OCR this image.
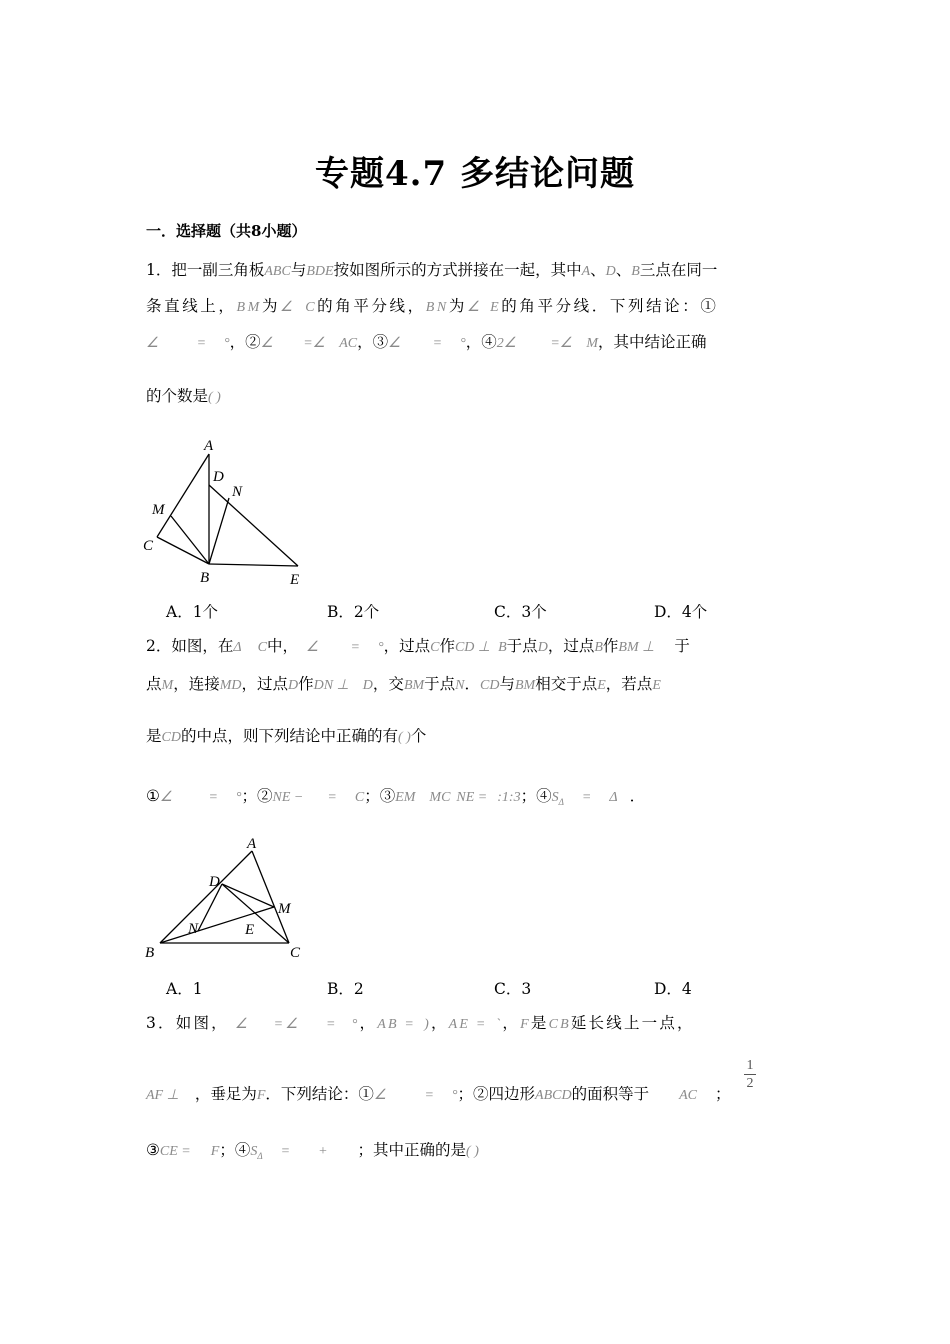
专题4.7 多结论问题
一．选择题（共8小题）
1．把一副三角板ABC与BDE按如图所示的方式拼接在一起，其中A、D、B三点在同一
条直线上，BM为∠ C的角平分线，BN为∠ E的角平分线．下列结论：①
∠	= °，②∠ =∠ AC，③∠ = °，④2∠ =∠ M，其中结论正确
的个数是( )
A
D
N
M
C
B	E
A．1个	B．2个	C．3个	D．4个
2．如图，在Δ C中， ∠ = °，过点C作CD ⊥ B于点D，过点B作BM ⊥ 于
点M，连接MD，过点D作DN ⊥ D，交BM于点N．CD与BM相交于点E，若点E
是CD的中点，则下列结论中正确的有( )个
①∠	= °；②NE − = C；③EM MC NE = :1:3；$④S_\Delta = \Delta$ ．
A
D
M
N	E
B	C
A．1	B．2	C．3	D．4
3．如图， ∠ =∠ = °，AB = )，AE = `，F是CB延长线上一点，
AF ⊥ ，垂足为F．下列结论：①∠	= °；②四边形ABCD的面积等于 AC ；
1
2
③CE = F；$④S_\Delta$ = + ；其中正确的是( )
